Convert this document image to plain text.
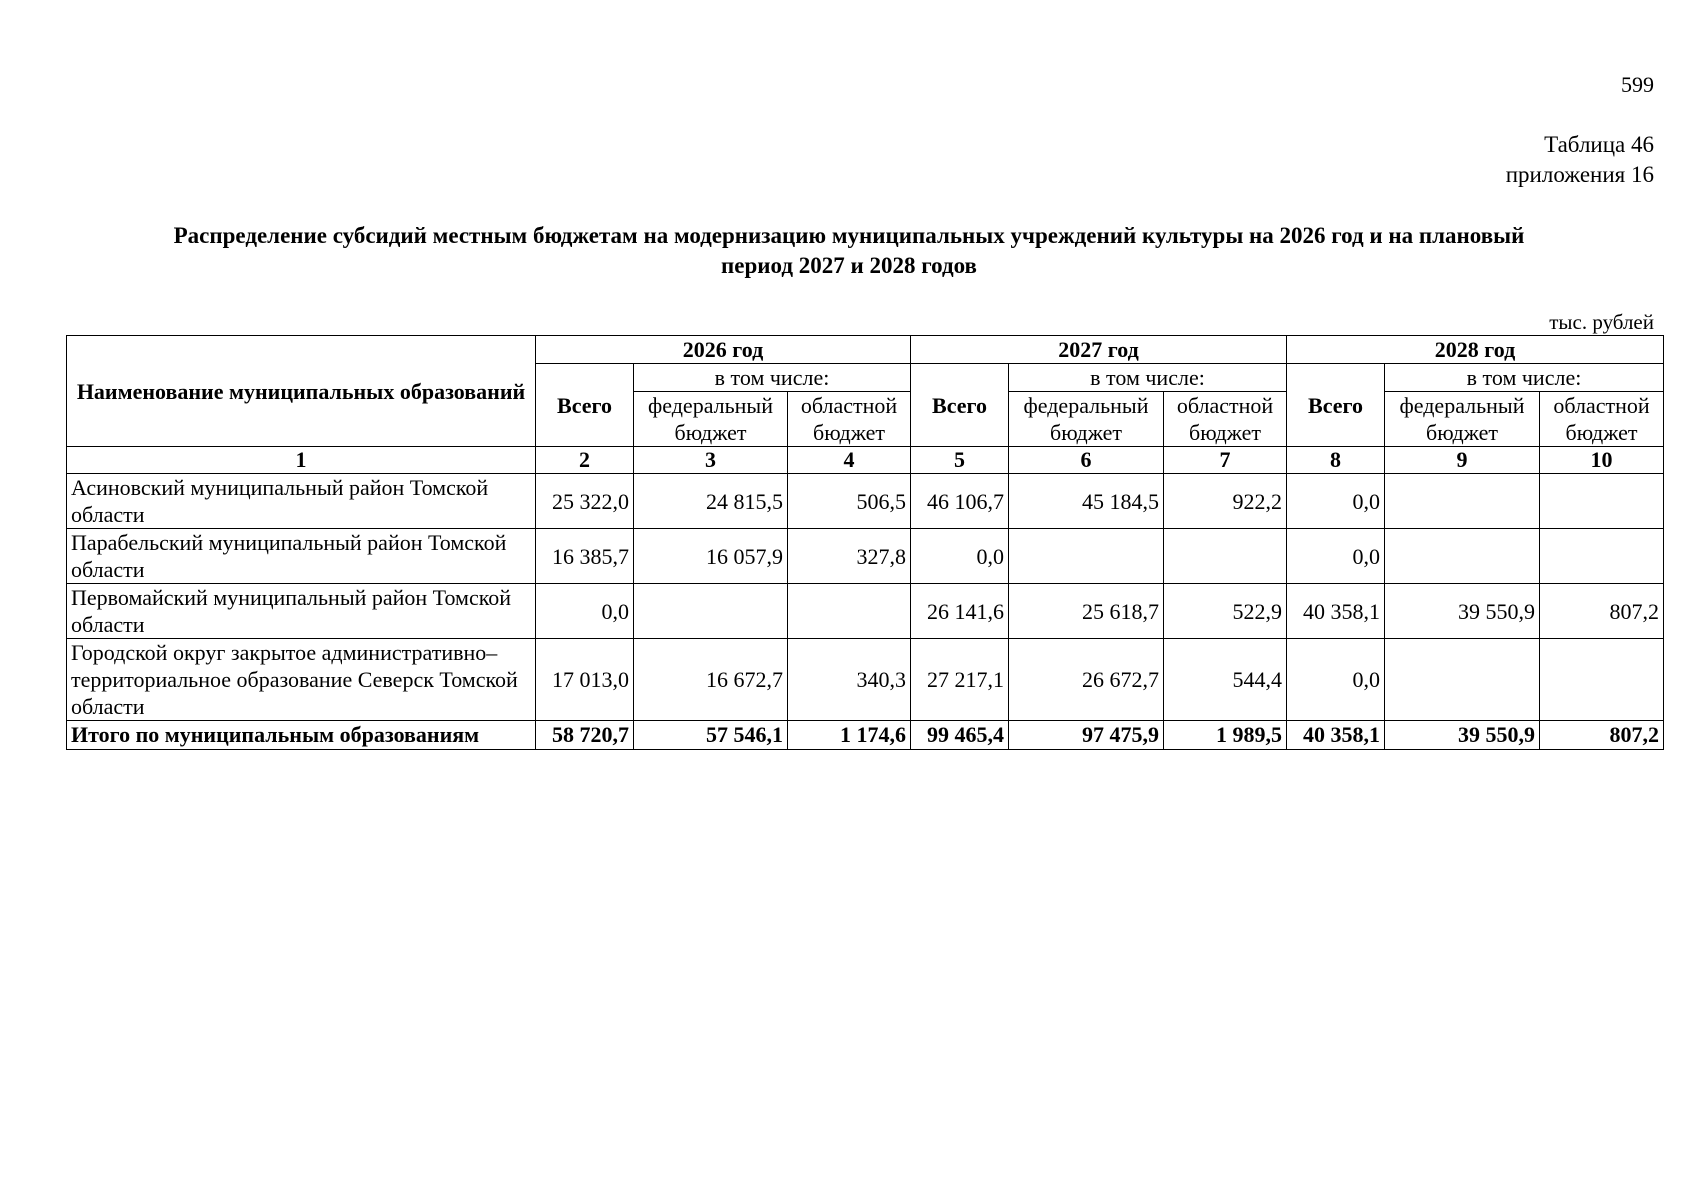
599
Таблица 46
приложения 16
Распределение субсидий местным бюджетам на модернизацию муниципальных учреждений культуры на 2026 год и на плановый
период 2027 и 2028 годов
тыс. рублей
Наименование муниципальных образований	2026 год			2027 год			2028 год		
	Всего	в том числе:		Всего	в том числе:		Всего	в том числе:	
		федеральный бюджет	областной бюджет		федеральный бюджет	областной бюджет		федеральный бюджет	областной бюджет
1	2	3	4	5	6	7	8	9	10
Асиновский муниципальный район Томской области	25 322,0	24 815,5	506,5	46 106,7	45 184,5	922,2	0,0		
Парабельский муниципальный район Томской области	16 385,7	16 057,9	327,8	0,0			0,0		
Первомайский муниципальный район Томской области	0,0			26 141,6	25 618,7	522,9	40 358,1	39 550,9	807,2
Городской округ закрытое административно–территориальное образование Северск Томской области	17 013,0	16 672,7	340,3	27 217,1	26 672,7	544,4	0,0		
Итого по муниципальным образованиям	58 720,7	57 546,1	1 174,6	99 465,4	97 475,9	1 989,5	40 358,1	39 550,9	807,2
